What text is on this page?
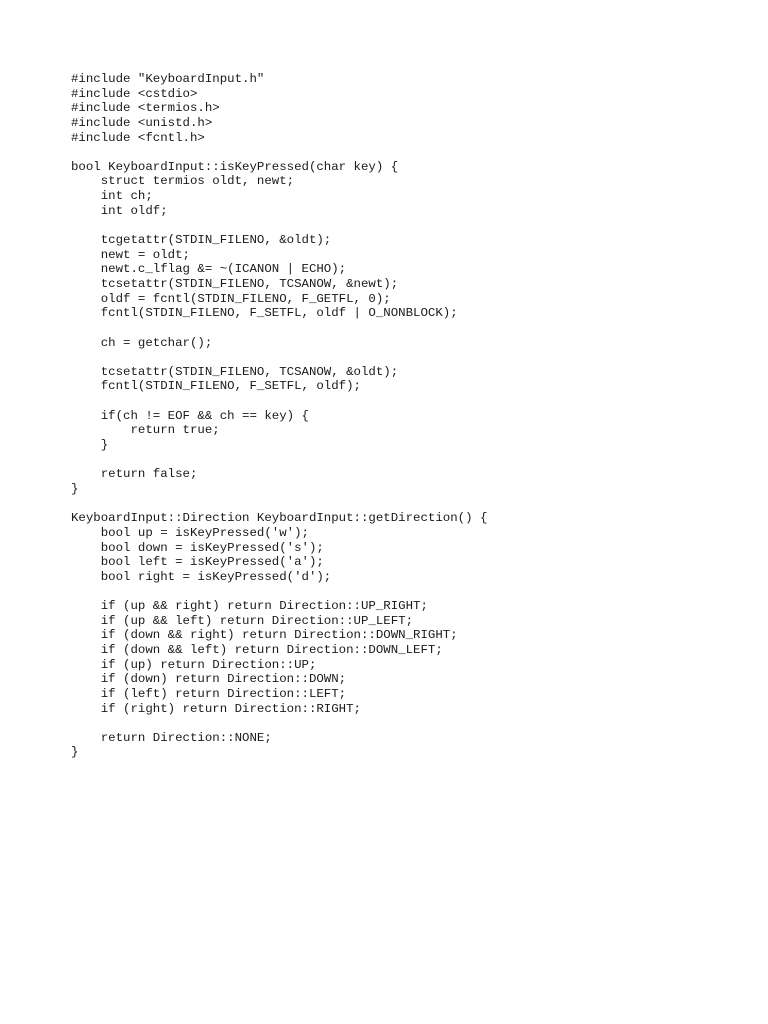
#include "KeyboardInput.h"
#include <cstdio>
#include <termios.h>
#include <unistd.h>
#include <fcntl.h>
bool KeyboardInput::isKeyPressed(char key) {
struct termios oldt, newt;
int ch;
int oldf;
tcgetattr(STDIN_FILENO, &oldt);
newt = oldt;
newt.c_lflag &= ~(ICANON | ECHO);
tcsetattr(STDIN_FILENO, TCSANOW, &newt);
oldf = fcntl(STDIN_FILENO, F_GETFL, 0);
fcntl(STDIN_FILENO, F_SETFL, oldf | O_NONBLOCK);
ch = getchar();
tcsetattr(STDIN_FILENO, TCSANOW, &oldt);
fcntl(STDIN_FILENO, F_SETFL, oldf);
if(ch != EOF && ch == key) {
return true;
}
return false;
}
KeyboardInput::Direction KeyboardInput::getDirection() {
bool up = isKeyPressed('w');
bool down = isKeyPressed('s');
bool left = isKeyPressed('a');
bool right = isKeyPressed('d');
if (up && right) return Direction::UP_RIGHT;
if (up && left) return Direction::UP_LEFT;
if (down && right) return Direction::DOWN_RIGHT;
if (down && left) return Direction::DOWN_LEFT;
if (up) return Direction::UP;
if (down) return Direction::DOWN;
if (left) return Direction::LEFT;
if (right) return Direction::RIGHT;
return Direction::NONE;
}
